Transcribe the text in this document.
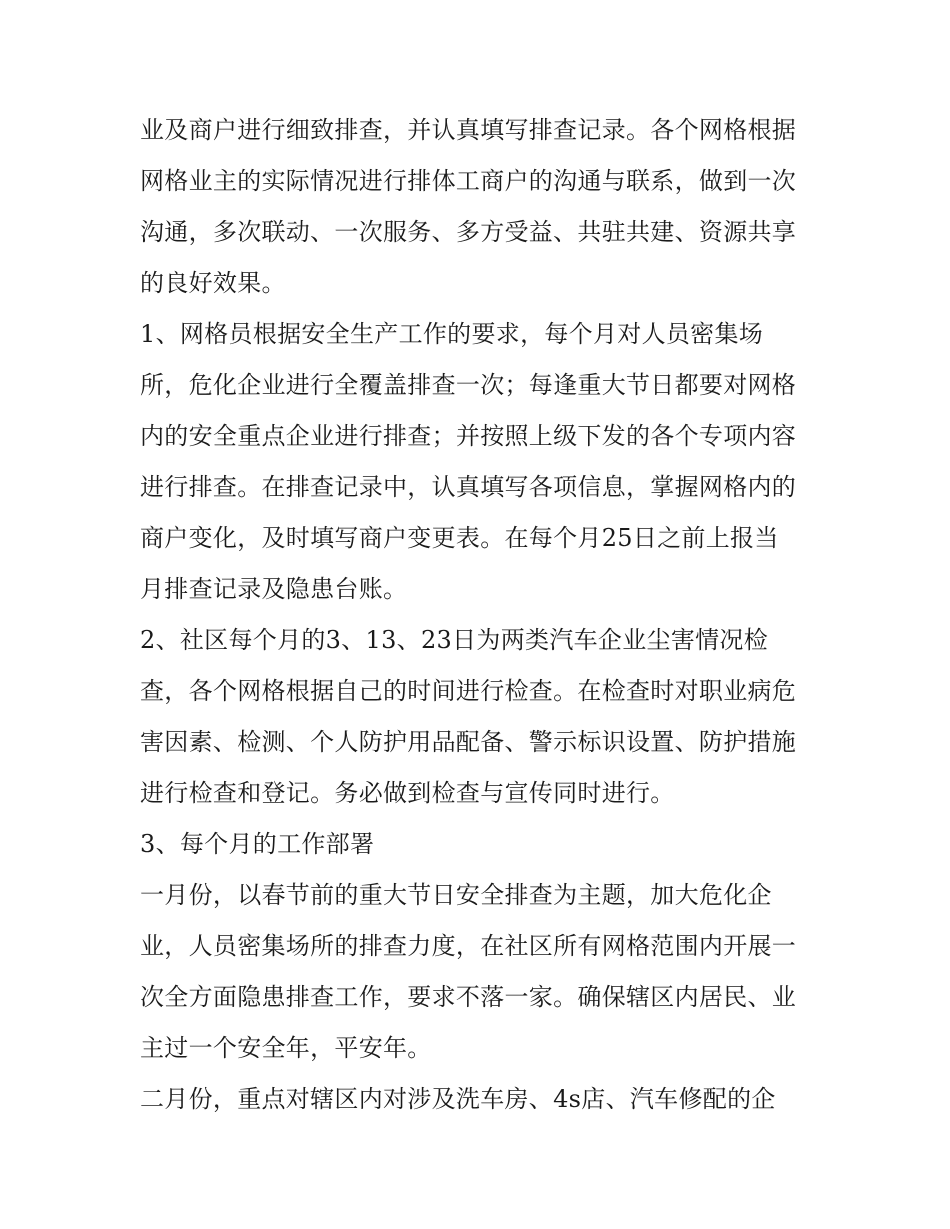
业及商户进行细致排查，并认真填写排查记录。各个网格根据
网格业主的实际情况进行排体工商户的沟通与联系，做到一次
沟通，多次联动、一次服务、多方受益、共驻共建、资源共享
的良好效果。
1、网格员根据安全生产工作的要求，每个月对人员密集场
所，危化企业进行全覆盖排查一次；每逢重大节日都要对网格
内的安全重点企业进行排查；并按照上级下发的各个专项内容
进行排查。在排查记录中，认真填写各项信息，掌握网格内的
商户变化，及时填写商户变更表。在每个月25日之前上报当
月排查记录及隐患台账。
2、社区每个月的3、13、23日为两类汽车企业尘害情况检
查，各个网格根据自己的时间进行检查。在检查时对职业病危
害因素、检测、个人防护用品配备、警示标识设置、防护措施
进行检查和登记。务必做到检查与宣传同时进行。
3、每个月的工作部署
一月份，以春节前的重大节日安全排查为主题，加大危化企
业，人员密集场所的排查力度，在社区所有网格范围内开展一
次全方面隐患排查工作，要求不落一家。确保辖区内居民、业
主过一个安全年，平安年。
二月份，重点对辖区内对涉及洗车房、4s店、汽车修配的企
